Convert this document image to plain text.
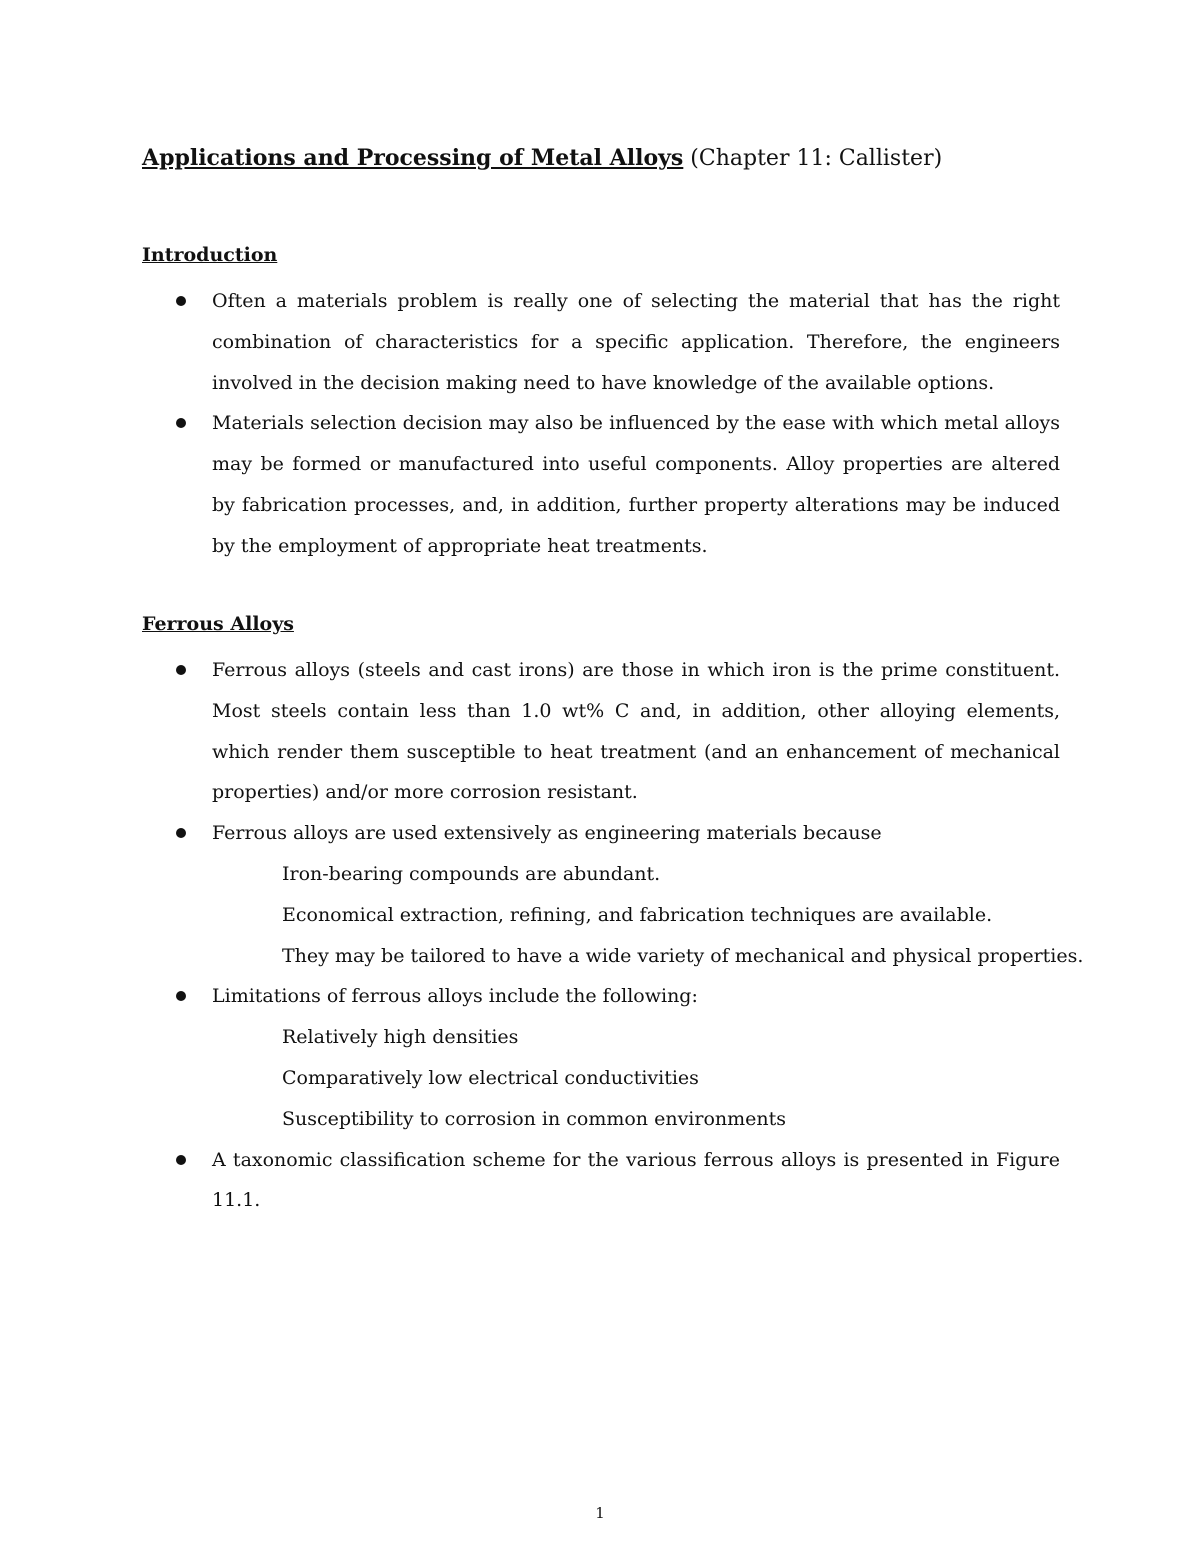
Applications and Processing of Metal Alloys (Chapter 11: Callister)
Introduction
Often a materials problem is really one of selecting the material that has the right combination of characteristics for a specific application. Therefore, the engineers involved in the decision making need to have knowledge of the available options.
Materials selection decision may also be influenced by the ease with which metal alloys may be formed or manufactured into useful components. Alloy properties are altered by fabrication processes, and, in addition, further property alterations may be induced by the employment of appropriate heat treatments.
Ferrous Alloys
Ferrous alloys (steels and cast irons) are those in which iron is the prime constituent. Most steels contain less than 1.0 wt% C and, in addition, other alloying elements, which render them susceptible to heat treatment (and an enhancement of mechanical properties) and/or more corrosion resistant.
Ferrous alloys are used extensively as engineering materials because
Iron-bearing compounds are abundant.
Economical extraction, refining, and fabrication techniques are available.
They may be tailored to have a wide variety of mechanical and physical properties.
Limitations of ferrous alloys include the following:
Relatively high densities
Comparatively low electrical conductivities
Susceptibility to corrosion in common environments
A taxonomic classification scheme for the various ferrous alloys is presented in Figure 11.1.
1
